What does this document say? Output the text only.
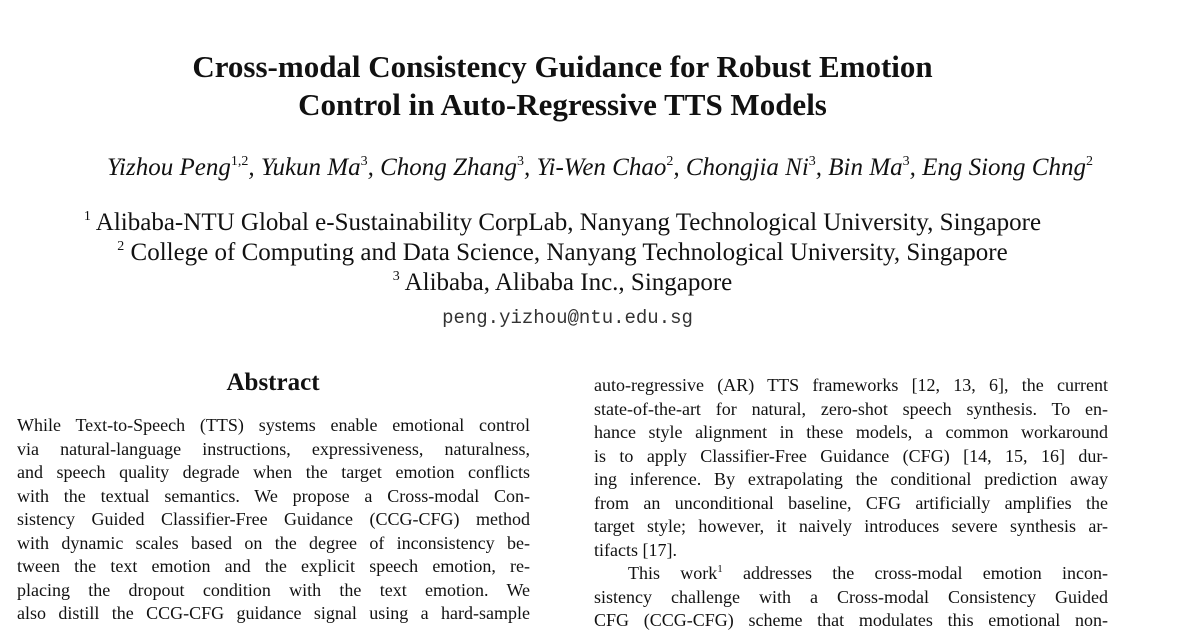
Cross-modal Consistency Guidance for Robust Emotion
Control in Auto-Regressive TTS Models
Yizhou Peng$^{1,2}$, Yukun Ma$^3$, Chong Zhang$^3$, Yi-Wen Chao$^2$, Chongjia Ni$^3$, Bin Ma$^3$, Eng Siong Chng$^2$
$^1$ Alibaba-NTU Global e-Sustainability CorpLab, Nanyang Technological University, Singapore
$^2$ College of Computing and Data Science, Nanyang Technological University, Singapore
$^3$ Alibaba, Alibaba Inc., Singapore
peng.yizhou@ntu.edu.sg
Abstract
While Text-to-Speech (TTS) systems enable emotional control
via natural-language instructions, expressiveness, naturalness,
and speech quality degrade when the target emotion conflicts
with the textual semantics. We propose a Cross-modal Con-
sistency Guided Classifier-Free Guidance (CCG-CFG) method
with dynamic scales based on the degree of inconsistency be-
tween the text emotion and the explicit speech emotion, re-
placing the dropout condition with the text emotion. We
also distill the CCG-CFG guidance signal using a hard-sample
auto-regressive (AR) TTS frameworks [12, 13, 6], the current
state-of-the-art for natural, zero-shot speech synthesis. To en-
hance style alignment in these models, a common workaround
is to apply Classifier-Free Guidance (CFG) [14, 15, 16] dur-
ing inference. By extrapolating the conditional prediction away
from an unconditional baseline, CFG artificially amplifies the
target style; however, it naively introduces severe synthesis ar-
tifacts [17].
This work$^1$ addresses the cross-modal emotion incon-
sistency challenge with a Cross-modal Consistency Guided
CFG (CCG-CFG) scheme that modulates this emotional non-
